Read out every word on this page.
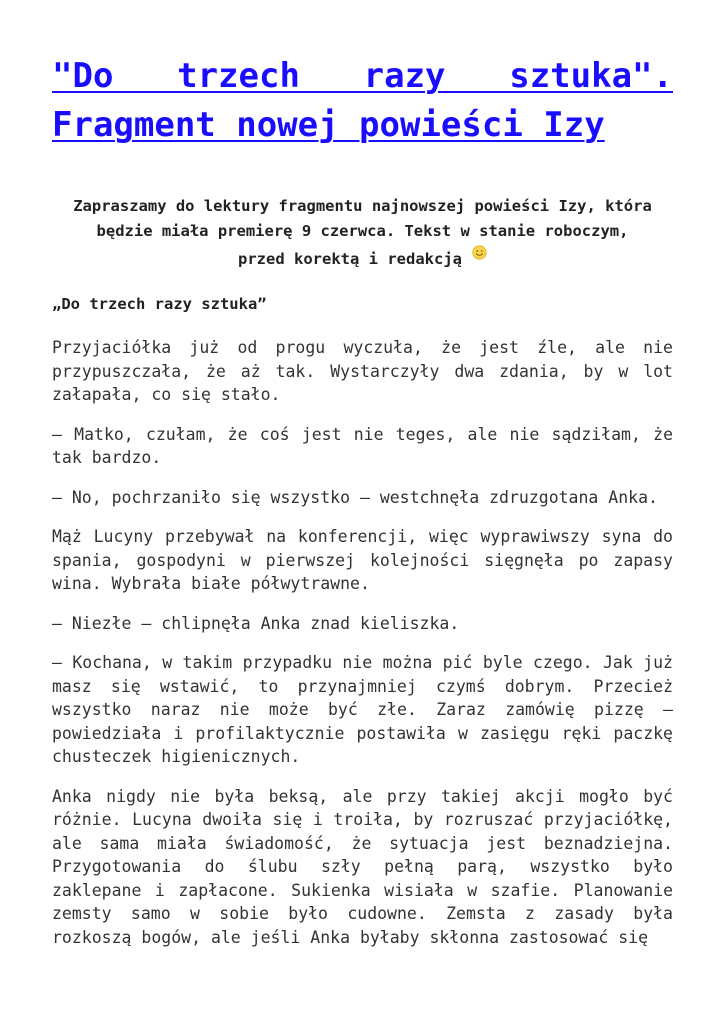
"Do trzech razy sztuka". Fragment nowej powieści Izy

Zapraszamy do lektury fragmentu najnowszej powieści Izy, która będzie miała premierę 9 czerwca. Tekst w stanie roboczym,
przed korektą i redakcją

„Do trzech razy sztuka”

Przyjaciółka już od progu wyczuła, że jest źle, ale nie przypuszczała, że aż tak. Wystarczyły dwa zdania, by w lot załapała, co się stało.

– Matko, czułam, że coś jest nie teges, ale nie sądziłam, że tak bardzo.

– No, pochrzaniło się wszystko – westchnęła zdruzgotana Anka.

Mąż Lucyny przebywał na konferencji, więc wyprawiwszy syna do spania, gospodyni w pierwszej kolejności sięgnęła po zapasy wina. Wybrała białe półwytrawne.

– Niezłe – chlipnęła Anka znad kieliszka.

– Kochana, w takim przypadku nie można pić byle czego. Jak już masz się wstawić, to przynajmniej czymś dobrym. Przecież wszystko naraz nie może być złe. Zaraz zamówię pizzę – powiedziała i profilaktycznie postawiła w zasięgu ręki paczkę chusteczek higienicznych.

Anka nigdy nie była beksą, ale przy takiej akcji mogło być różnie. Lucyna dwoiła się i troiła, by rozruszać przyjaciółkę, ale sama miała świadomość, że sytuacja jest beznadziejna. Przygotowania do ślubu szły pełną parą, wszystko było zaklepane i zapłacone. Sukienka wisiała w szafie. Planowanie zemsty samo w sobie było cudowne. Zemsta z zasady była rozkoszą bogów, ale jeśli Anka byłaby skłonna zastosować się
